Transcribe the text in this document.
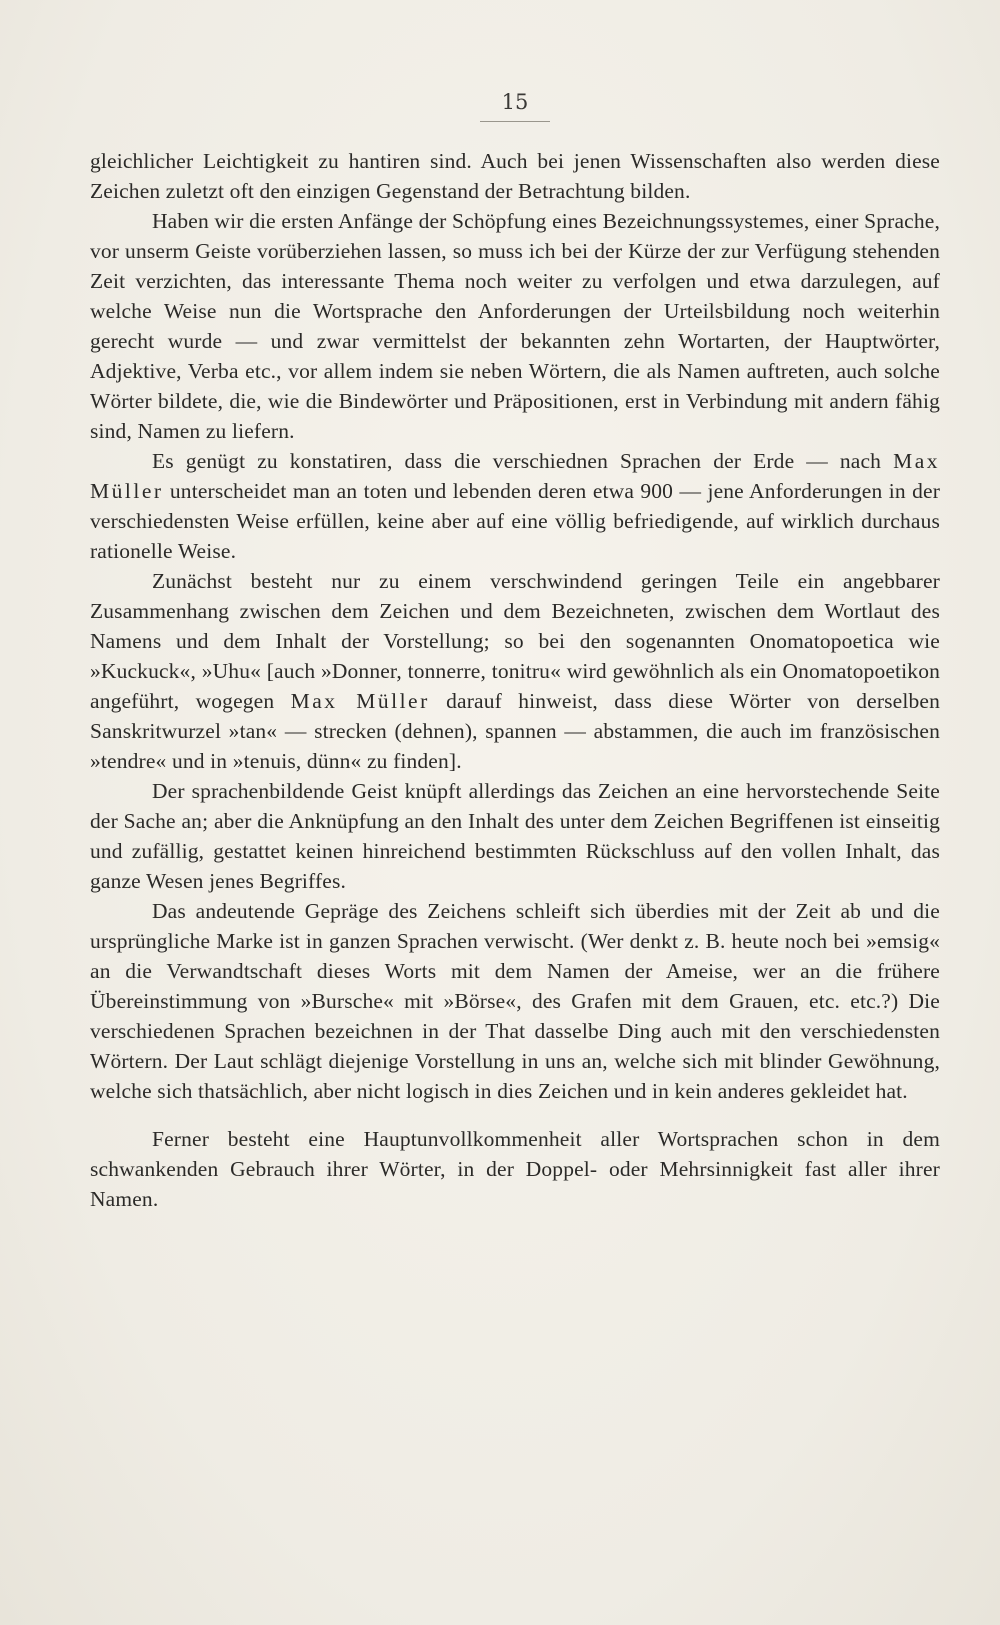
15

gleichlicher Leichtigkeit zu hantiren sind. Auch bei jenen Wissenschaften also werden diese Zeichen zuletzt oft den einzigen Gegenstand der Betrachtung bilden.

Haben wir die ersten Anfänge der Schöpfung eines Bezeichnungssystemes, einer Sprache, vor unserm Geiste vorüberziehen lassen, so muss ich bei der Kürze der zur Verfügung stehenden Zeit verzichten, das interessante Thema noch weiter zu verfolgen und etwa darzulegen, auf welche Weise nun die Wortsprache den Anforderungen der Urteilsbildung noch weiterhin gerecht wurde — und zwar vermittelst der bekannten zehn Wortarten, der Hauptwörter, Adjektive, Verba etc., vor allem indem sie neben Wörtern, die als Namen auftreten, auch solche Wörter bildete, die, wie die Bindewörter und Präpositionen, erst in Verbindung mit andern fähig sind, Namen zu liefern.

Es genügt zu konstatiren, dass die verschiednen Sprachen der Erde — nach Max Müller unterscheidet man an toten und lebenden deren etwa 900 — jene Anforderungen in der verschiedensten Weise erfüllen, keine aber auf eine völlig befriedigende, auf wirklich durchaus rationelle Weise.

Zunächst besteht nur zu einem verschwindend geringen Teile ein angebbarer Zusammenhang zwischen dem Zeichen und dem Bezeichneten, zwischen dem Wortlaut des Namens und dem Inhalt der Vorstellung; so bei den sogenannten Onomatopoetica wie »Kuckuck«, »Uhu« [auch »Donner, tonnerre, tonitru« wird gewöhnlich als ein Onomatopoetikon angeführt, wogegen Max Müller darauf hinweist, dass diese Wörter von derselben Sanskritwurzel »tan« — strecken (dehnen), spannen — abstammen, die auch im französischen »tendre« und in »tenuis, dünn« zu finden].

Der sprachenbildende Geist knüpft allerdings das Zeichen an eine hervorstechende Seite der Sache an; aber die Anknüpfung an den Inhalt des unter dem Zeichen Begriffenen ist einseitig und zufällig, gestattet keinen hinreichend bestimmten Rückschluss auf den vollen Inhalt, das ganze Wesen jenes Begriffes.

Das andeutende Gepräge des Zeichens schleift sich überdies mit der Zeit ab und die ursprüngliche Marke ist in ganzen Sprachen verwischt. (Wer denkt z. B. heute noch bei »emsig« an die Verwandtschaft dieses Worts mit dem Namen der Ameise, wer an die frühere Übereinstimmung von »Bursche« mit »Börse«, des Grafen mit dem Grauen, etc. etc.?) Die verschiedenen Sprachen bezeichnen in der That dasselbe Ding auch mit den verschiedensten Wörtern. Der Laut schlägt diejenige Vorstellung in uns an, welche sich mit blinder Gewöhnung, welche sich thatsächlich, aber nicht logisch in dies Zeichen und in kein anderes gekleidet hat.

Ferner besteht eine Hauptunvollkommenheit aller Wortsprachen schon in dem schwankenden Gebrauch ihrer Wörter, in der Doppel- oder Mehrsinnigkeit fast aller ihrer Namen.
